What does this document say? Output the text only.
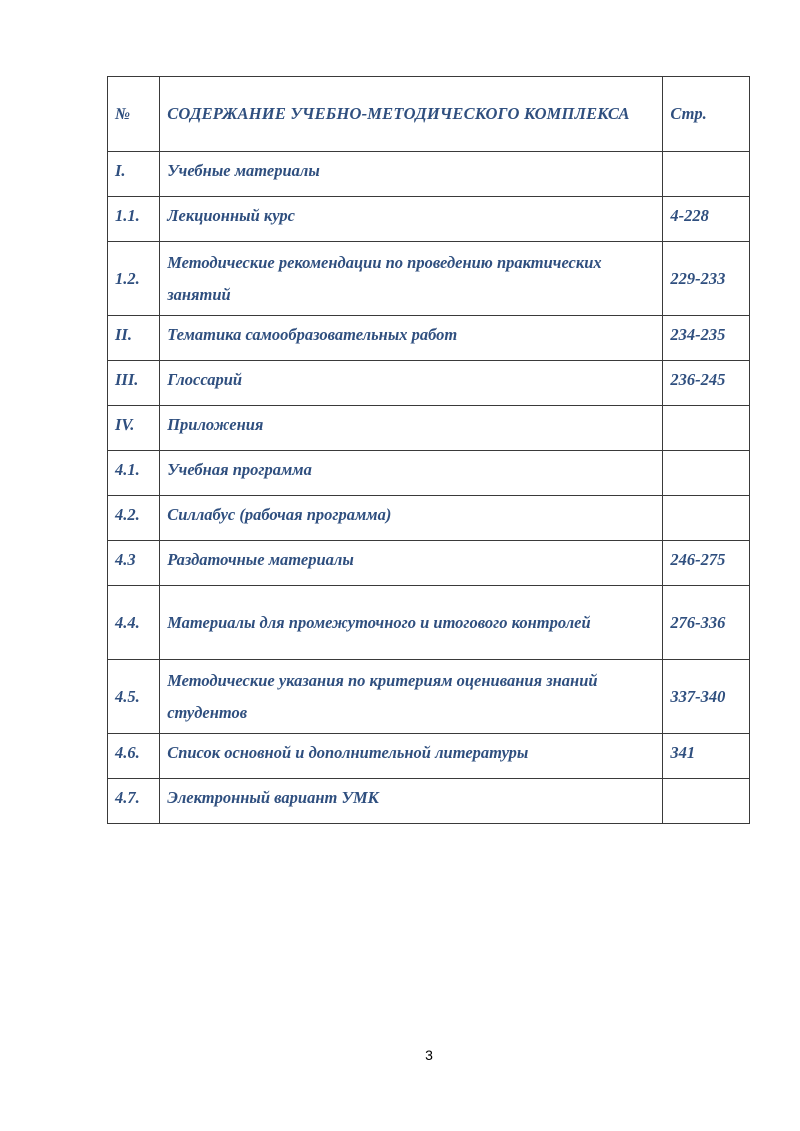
№	СОДЕРЖАНИЕ УЧЕБНО-МЕТОДИЧЕСКОГО КОМПЛЕКСА	Стр.
I.	Учебные материалы	
1.1.	Лекционный курс	4-228
1.2.	Методические рекомендации по проведению практических занятий	229-233
II.	Тематика самообразовательных работ	234-235
III.	Глоссарий	236-245
IV.	Приложения	
4.1.	Учебная программа	
4.2.	Силлабус (рабочая программа)	
4.3	Раздаточные материалы	246-275
4.4.	Материалы для промежуточного и итогового контролей	276-336
4.5.	Методические указания по критериям оценивания знаний студентов	337-340
4.6.	Список основной и дополнительной литературы	341
4.7.	Электронный вариант УМК	
3
